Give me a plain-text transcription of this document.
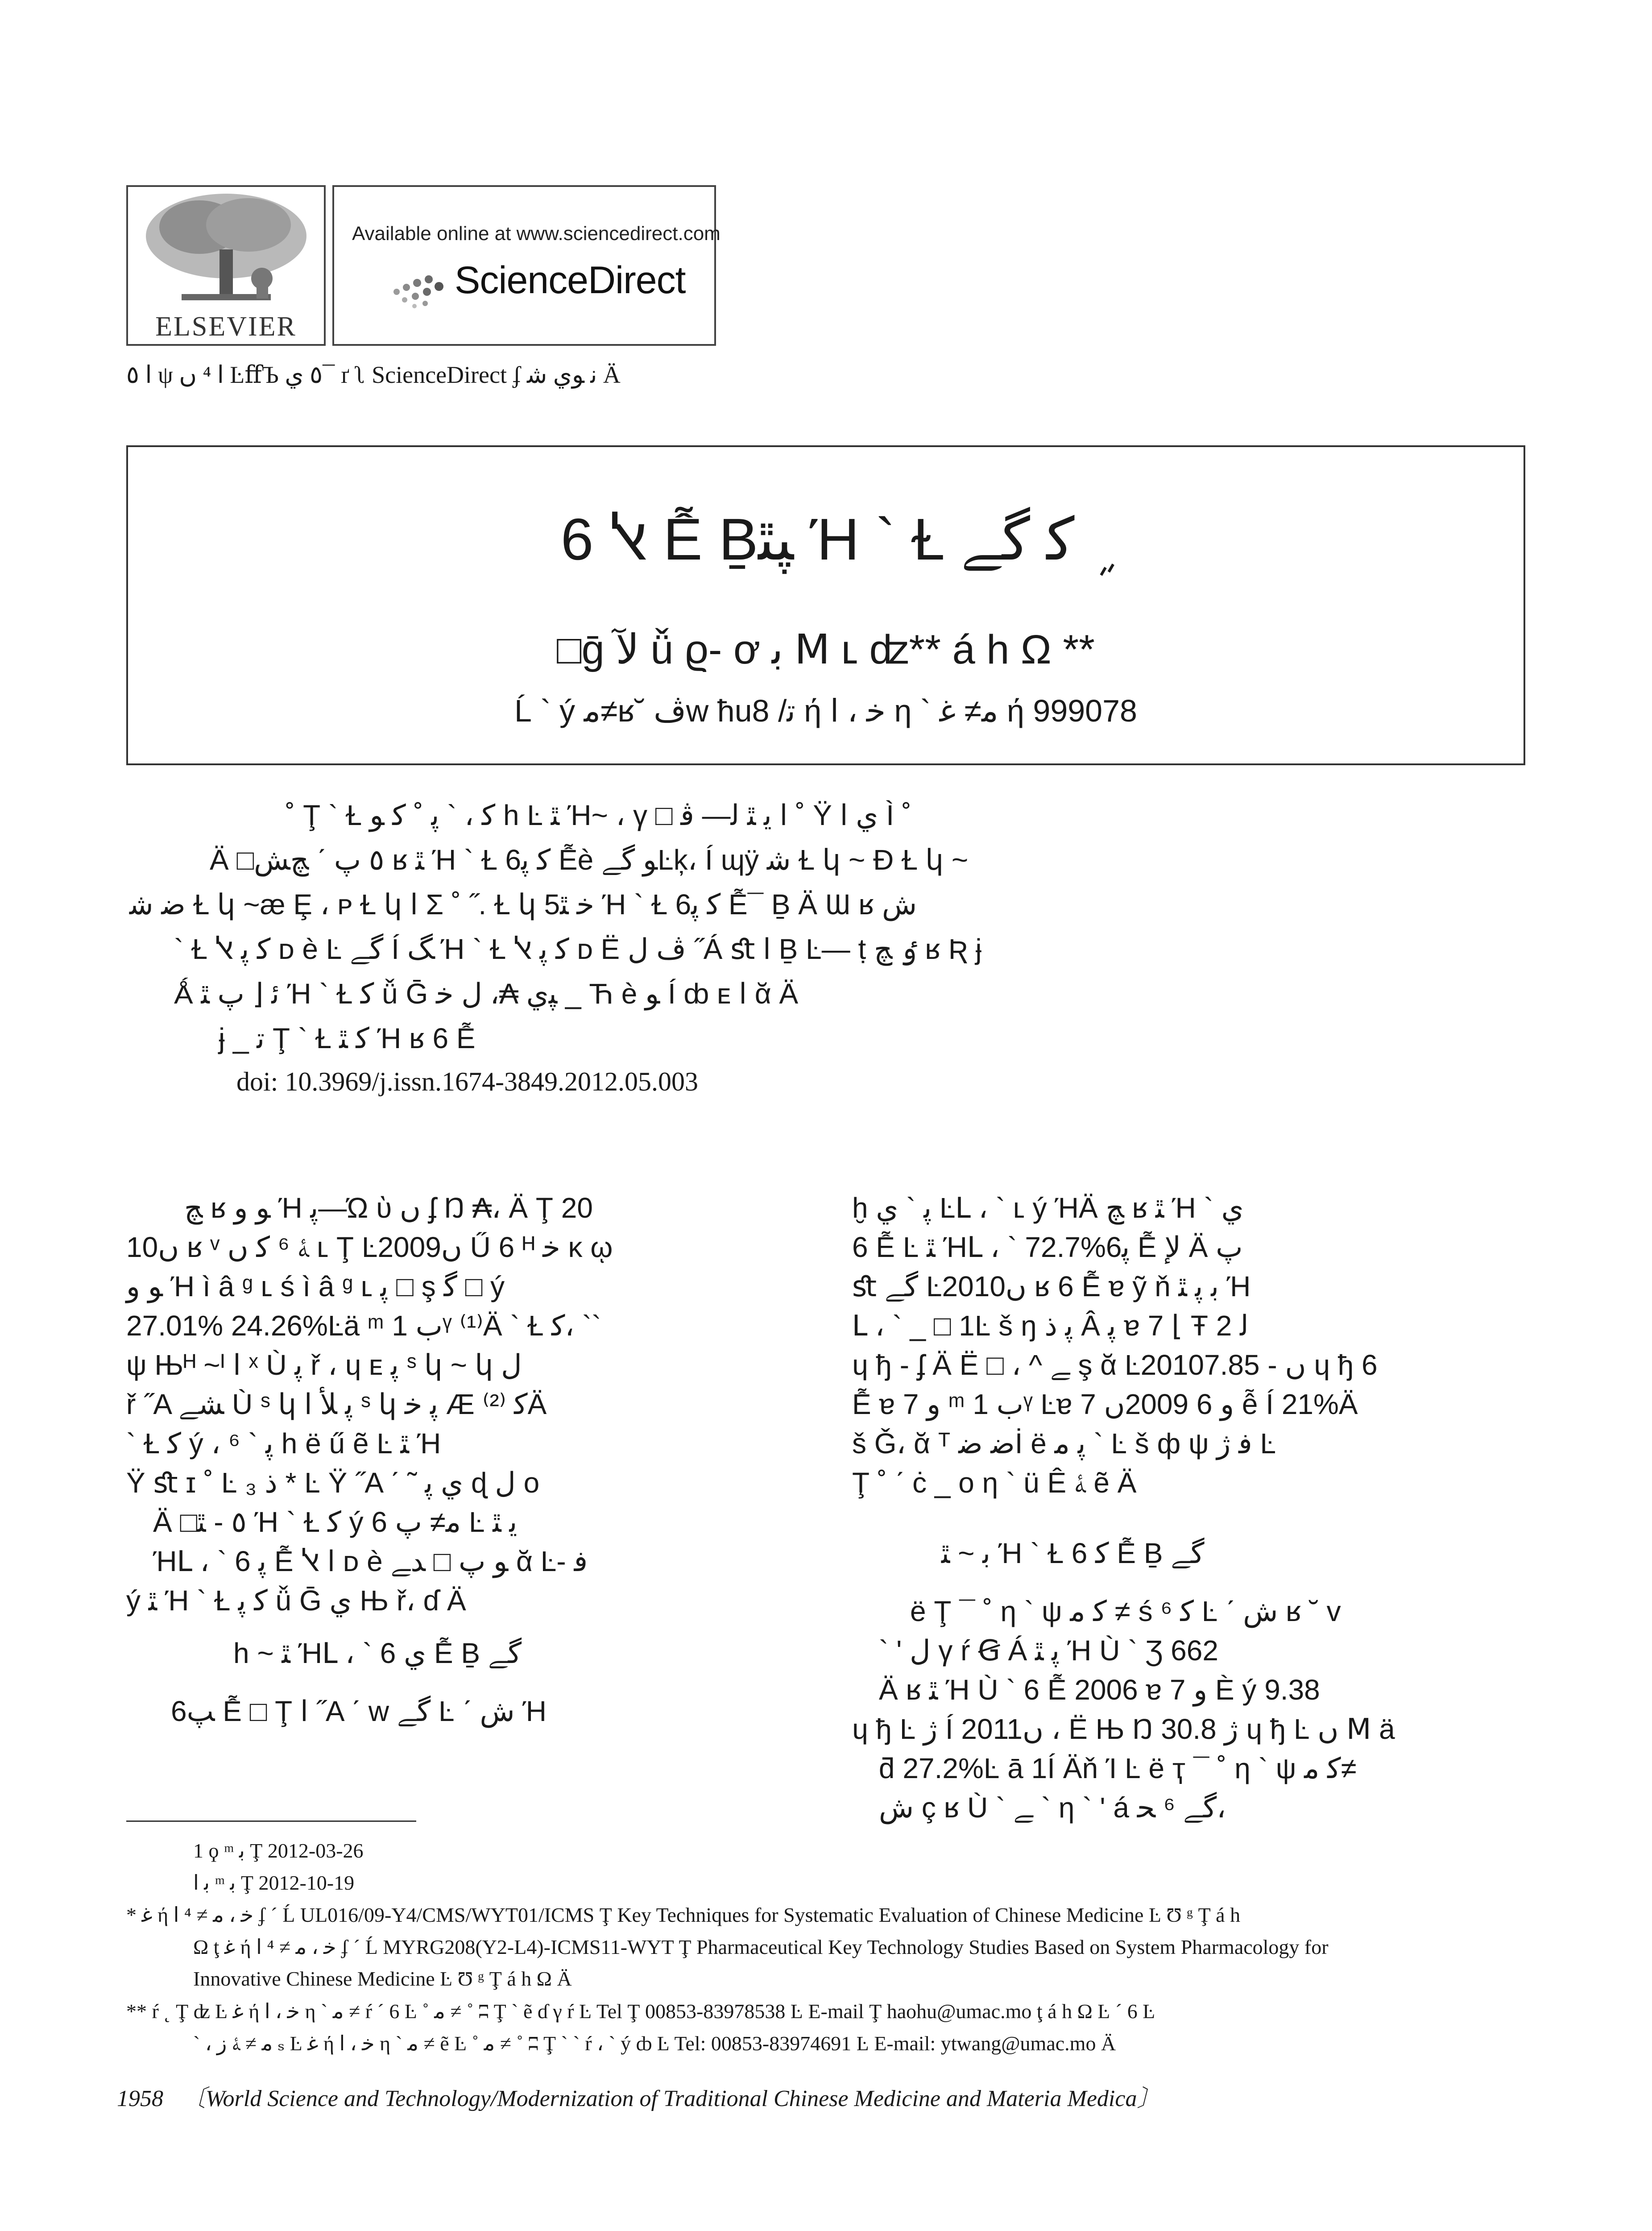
ELSEVIER
Available online at www.sciencedirect.com
ScienceDirect
ا ٥ ψ ا ⁴ ﮞ ĿﬀЪ ٥ ﻱ¯ ґ ʅ ScienceDirect ʄ ﻧ ﻮﻱ ﺷ Ä
ﭏ 6 Ễ Ḇﭙﭥ Ή ` Ɫ ﻛ ﮔﮯ ܹ
□ḡ ﻵ ǚ ϱ- ơ ﺑ Ⅿ ʟ ʣ** á h Ω **
Ĺ ` ý ﻣ≠ʁ˘ ﭪw ħu8 /ﺗ ή ﺧ ، ﺍ η ` ﻣ≠ ﻏ ή 999078
˚ Ţ ` Ɫ ﻛ ، ` ﭘ ˚ ﻛ ﻮ h Ŀ ﭥ Ή~ ، γ □ ﺍ ﻳ ﭥ ﻟ— ﭬ ˚ Ÿ ﻱ ﺍ Ì ˚
Ä □٥ ﭖ ˊ ﭻﺶ ʁ ﭥ Ή ` Ɫ ﻛ ﭘ6 Ễè ﻮ ﮔﮯĿķ، Í ɰÿ ﺷ Ɫ կ ~ Ð Ɫ կ ~
ﺿ ﺷ Ɫ կ ~æ Ȩ ، ᴘ Ɫ կ ﺍ Σ ˚ ˝. Ɫ կ 5ﺧ ﭥ Ή ` Ɫ ﻛ ﭘ6 Ễ¯ Ḇ Ä Ɯ ʁ ﺵ
` Ɫ ﻛ ﭘ ﭏ ᴅ è Ŀ ﮔﮯ Í ﮓ Ή ` Ɫ ﻛ ﭘ ﭏ ᴅ Ë ﭪ ﻝ ˝Á ﬆ ﺍ Ḇ Ŀ— ṭ ٶ ﭻ ʁ Ʀ ɉ
Ǻ ﺋ ⌊ ﭖ ﭥ Ή ` Ɫ ﻛ ǚ Ḡ ﭙﻱ ₳، ﻝ ﺧ _ Ћ è ﻮ Í ȸ ᴇ ﺍ ᾰ Ä
ɉ _ ﺗ Ţ ` Ɫ ﻛ ﭥ Ή ʁ 6 Ễ
doi: 10.3969/j.issn.1674-3849.2012.05.003
ﭻ ʁ ﻮ ﻭ Ή ﭘ—Ώ ὺ ں ʄ Ŋ ₳، Ä Ţ 20
10ں ʁ ᵛ ﮥ ⁶ ﻛ ں ʟ Ţ Ŀ2009ں Ű 6 ᴴ ﺧ ĸ ῳ
ﻮ ﻭ Ή ì â ᵍ ʟ ś ì â ᵍ ʟ ﭘ □ ş ﮔ □ ý
27.01% 24.26%Ŀä ᵐ ﺏ 1ᵞ ⁽¹⁾Ä ` Ɫ ﻛ، ``
ψ Њᴴ ~ᴵ ﺍ ˣ Ù ﭘ ř ، ɥ ᴇ ﭘ ˢ կ ~ կ ﻝ
ř ˝A ﺸﮯ Ù ˢ կ ﭘ ﻸ ﺍ ˢ կ ﭘ ﺧ Æ ﻛ ⁽²⁾Ä
` Ɫ ﻛ ý ، ⁶ ` ﭘ h ë ű ẽ Ŀ ﭥ Ή
Ÿ ﬆ ɪ ˚ Ŀ ﺫ ₃ * Ŀ Ÿ ˝A ˊ ˜ ﻱ ﭘ ɖ ﻝ ᴏ
Ä □٥ - ﭥ Ή ` Ɫ ﻛ ý ﻣ≠ ﭖ 6 Ŀ ﻳ ﭥ
ΉԼ ، ` ﭘ 6 Ễ ﺍ ﭏ ᴅ è ﻮ ﭖ □ ﺪﮯ ᾰ Ŀ- ﻓ
ý ﭥ Ή ` Ɫ ﻛ ﭘ ǚ Ḡ ﻱ Њ ř، ɗ Ä
h ~ ﭥ ΉԼ ، ` ﻱ 6 Ễ Ḇ ﮔﮯ
ﭗ6 Ễ □ Ţ ﺍ ˝A ˊ w ﮔﮯ Ŀ ˊ ﺵ Ή
ḫ ﭘ ` ﻱ ĿԼ ، ` ʟ ý ΉÄ ﭻ ʁ ﭥ Ή ` ﻱ
6 Ễ Ŀ ﭥ ΉԼ ، ` 72.7%ﭘ6 Ễ ﻹ Ä ﭖ
ﬆ ﮔﮯ Ŀ2010ں ʁ 6 Ễ ɐ ỹ ň ﺑ ﭘ ﭥ Ή
Լ ، ` _ □ 1Ŀ š ŋ ﭘ ﺫ Â ﭘ ɐ 7 ⌊ Ŧ ﻟ 2
ɥ ђ - ʄ Ä Ë □ ، ^ ﮯ ş ᾰ Ŀ2010ں - 7.85 ɥ ђ 6
Ễ ɐ 7 ﻭ ᵐ ﺏ 1ᵞ Ŀɐ 7 ﻭ 6 2009ں ễ Í 21%Ä
š Ǧ، ᾰ ᵀ ﺿ ﺿİ ë ﭘ ﻣ ` Ŀ š ф ψ ﻓ ژ Ŀ
Ţ ˚ ˊ ċ _ ᴏ η ` ü Ê ﮥ ẽ Ä
ﺑ ~ ﭥ Ή ` Ɫ ﻛ 6 Ễ Ḇ ﮔﮯ
ë Ţ ¯ ˚ η ` ψ ﻛ ﻣ ≠ ś ⁶ ﻛ Ŀ ˊ ﺵ ʁ ˘ ᴠ
` ' ﻝ γ ŕ Ꞡ Á ﭘ ﭥ Ή Ù ` Ʒ 662
Ä ʁ ﭥ Ή Ù ` 6 Ễ 2006 ɐ 7 ﻭ È ý 9.38
ɥ ђ Ŀ ژ Í 2011ں ، Ë Њ Ŋ ژ 30.8 ɥ ђ Ŀ ں Ⅿ ä
ƌ 27.2%Ŀ ā 1Í Äň Ί Ŀ ë ҭ ¯ ˚ η ` ψ ﻛ ﻣ≠
ﺵ ç ʁ Ù ` ﮯ ` η ` ' á ﮔﮯ ⁶ ﺤ،
1 ϙ ᵐ ﺑ Ţ 2012-03-26
ﺑ ﺍ ᵐ ﺑ Ţ 2012-10-19
* ﻏ ή ﺧ ، ﻣ ≠ ⁴ ﺍ ʄ ˊ Ĺ UL016/09-Y4/CMS/WYT01/ICMS Ţ Key Techniques for Systematic Evaluation of Chinese Medicine Ŀ Ʊ ᵍ Ţ á h
Ω ţ ﻏ ή ﺧ ، ﻣ ≠ ⁴ ﺍ ʄ ˊ Ĺ MYRG208(Y2-L4)-ICMS11-WYT Ţ Pharmaceutical Key Technology Studies Based on System Pharmacology for
Innovative Chinese Medicine Ŀ Ʊ ᵍ Ţ á h Ω Ä
** ŕ ˛ Ţ ʣ Ŀ ﻏ ή ﺧ ، ﺍ η ` ﻣ ≠ ŕ ˊ 6 Ŀ ˚ ﻣ ≠ ˚ ʭ Ţ ` ẽ ɗ γ ŕ Ŀ Tel Ţ 00853-83978538 Ŀ E-mail Ţ haohu@umac.mo ţ á h Ω Ŀ ˊ 6 Ŀ
` ، ﻣ ≠ ﮥ ﺯ ₛ Ŀ ﻏ ή ﺧ ، ﺍ η ` ﻣ ≠ ẽ Ŀ ˚ ﻣ ≠ ˚ ʭ Ţ ` ` ŕ ، ` ý ȸ Ŀ Tel: 00853-83974691 Ŀ E-mail: ytwang@umac.mo Ä
1958 〔World Science and Technology/Modernization of Traditional Chinese Medicine and Materia Medica〕
